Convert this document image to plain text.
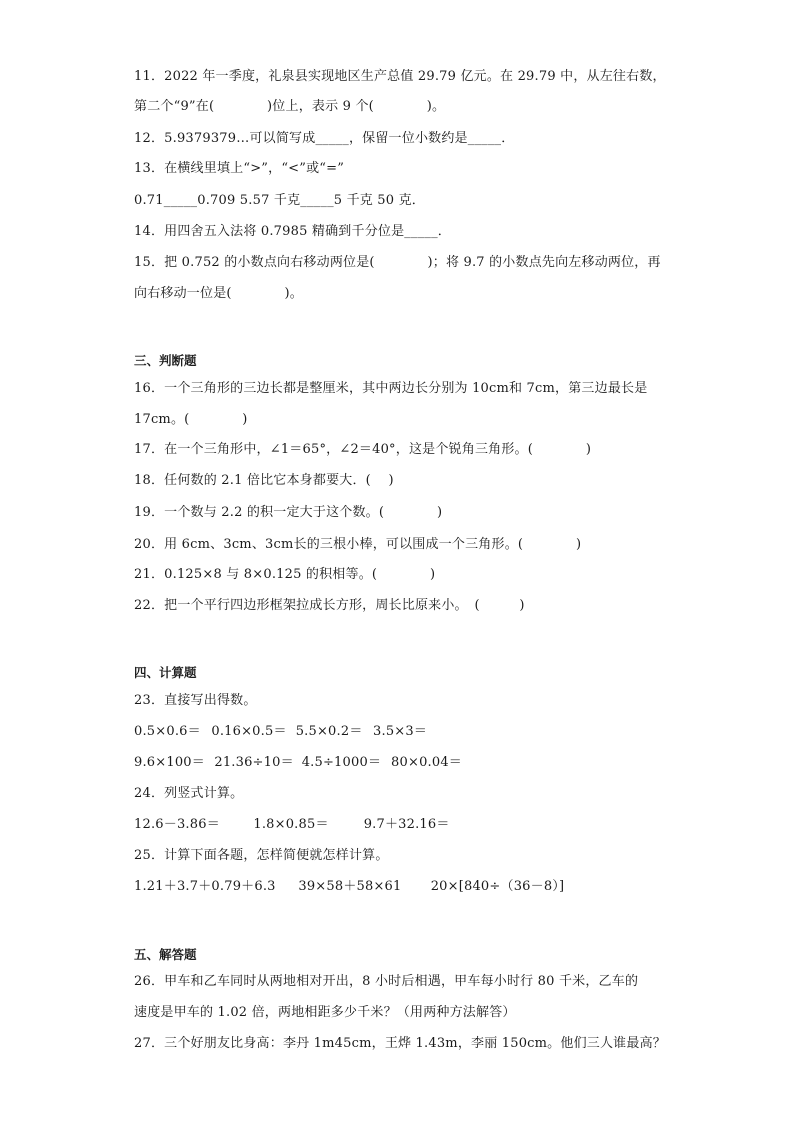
11．2022 年一季度，礼泉县实现地区生产总值 29.79 亿元。在 29.79 中，从左往右数，
第二个“9”在(　　　　)位上，表示 9 个(　　　　)。
12．5.9379379…可以简写成_____，保留一位小数约是_____．
13．在横线里填上“>”，“<”或“=”
0.71_____0.709 5.57 千克_____5 千克 50 克．
14．用四舍五入法将 0.7985 精确到千分位是_____．
15．把 0.752 的小数点向右移动两位是(　　　　)；将 9.7 的小数点先向左移动两位，再
向右移动一位是(　　　　)。
三、判断题
16．一个三角形的三边长都是整厘米，其中两边长分别为 10cm和 7cm，第三边最长是
17cm。(　　　　)
17．在一个三角形中，∠1＝65°，∠2＝40°，这是个锐角三角形。(　　　　)
18．任何数的 2.1 倍比它本身都要大．(　 )
19．一个数与 2.2 的积一定大于这个数。(　　　　)
20．用 6cm、3cm、3cm长的三根小棒，可以围成一个三角形。(　　　　)
21．0.125×8 与 8×0.125 的积相等。(　　　　)
22．把一个平行四边形框架拉成长方形，周长比原来小。　(　　　)
四、计算题
23．直接写出得数。
0.5×0.6＝ 0.16×0.5＝ 5.5×0.2＝ 3.5×3＝
9.6×100＝ 21.36÷10＝ 4.5÷1000＝ 80×0.04＝
24．列竖式计算。
12.6－3.86＝	1.8×0.85＝	9.7＋32.16＝
25．计算下面各题，怎样简便就怎样计算。
1.21＋3.7＋0.79＋6.3 39×58＋58×61 20×[840÷（36－8）]
五、解答题
26．甲车和乙车同时从两地相对开出，8 小时后相遇，甲车每小时行 80 千米，乙车的
速度是甲车的 1.02 倍，两地相距多少千米？（用两种方法解答）
27．三个好朋友比身高：李丹 1m45cm，王烨 1.43m，李丽 150cm。他们三人谁最高？
